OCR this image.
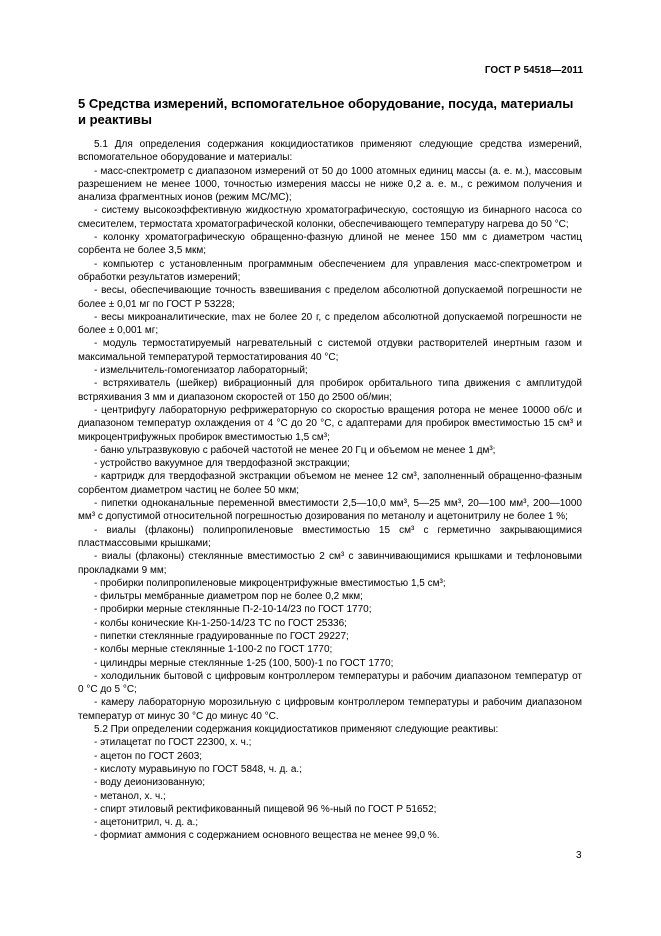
ГОСТ Р 54518—2011
5 Средства измерений, вспомогательное оборудование, посуда, материалы и реактивы

5.1 Для определения содержания кокцидиостатиков применяют следующие средства измерений, вспомогательное оборудование и материалы:

- масс-спектрометр с диапазоном измерений от 50 до 1000 атомных единиц массы (а. е. м.), массовым разрешением не менее 1000, точностью измерения массы не ниже 0,2 а. е. м., с режимом получения и анализа фрагментных ионов (режим МС/МС);

- систему высокоэффективную жидкостную хроматографическую, состоящую из бинарного насоса со смесителем, термостата хроматографической колонки, обеспечивающего температуру нагрева до 50 °С;

- колонку хроматографическую обращенно-фазную длиной не менее 150 мм с диаметром частиц сорбента не более 3,5 мкм;

- компьютер с установленным программным обеспечением для управления масс-спектрометром и обработки результатов измерений;

- весы, обеспечивающие точность взвешивания с пределом абсолютной допускаемой погрешности не более ± 0,01 мг по ГОСТ Р 53228;

- весы микроаналитические, max не более 20 г, с пределом абсолютной допускаемой погрешности не более ± 0,001 мг;

- модуль термостатируемый нагревательный с системой отдувки растворителей инертным газом и максимальной температурой термостатирования 40 °С;

- измельчитель-гомогенизатор лабораторный;

- встряхиватель (шейкер) вибрационный для пробирок орбитального типа движения с амплитудой встряхивания 3 мм и диапазоном скоростей от 150 до 2500 об/мин;

- центрифугу лабораторную рефрижераторную со скоростью вращения ротора не менее 10000 об/с и диапазоном температур охлаждения от 4 °С до 20 °С, с адаптерами для пробирок вместимостью 15 см³ и микроцентрифужных пробирок вместимостью 1,5 см³;

- баню ультразвуковую с рабочей частотой не менее 20 Гц и объемом не менее 1 дм³;

- устройство вакуумное для твердофазной экстракции;

- картридж для твердофазной экстракции объемом не менее 12 см³, заполненный обращенно-фазным сорбентом диаметром частиц не более 50 мкм;

- пипетки одноканальные переменной вместимости 2,5—10,0 мм³, 5—25 мм³, 20—100 мм³, 200—1000 мм³ с допустимой относительной погрешностью дозирования по метанолу и ацетонитрилу не более 1 %;

- виалы (флаконы) полипропиленовые вместимостью 15 см³ с герметично закрывающимися пластмассовыми крышками;

- виалы (флаконы) стеклянные вместимостью 2 см³ с завинчивающимися крышками и тефлоновыми прокладками 9 мм;

- пробирки полипропиленовые микроцентрифужные вместимостью 1,5 см³;

- фильтры мембранные диаметром пор не более 0,2 мкм;

- пробирки мерные стеклянные П-2-10-14/23 по ГОСТ 1770;

- колбы конические Кн-1-250-14/23 ТС по ГОСТ 25336;

- пипетки стеклянные градуированные по ГОСТ 29227;

- колбы мерные стеклянные 1-100-2 по ГОСТ 1770;

- цилиндры мерные стеклянные 1-25 (100, 500)-1 по ГОСТ 1770;

- холодильник бытовой с цифровым контроллером температуры и рабочим диапазоном температур от 0 °С до 5 °С;

- камеру лабораторную морозильную с цифровым контроллером температуры и рабочим диапазоном температур от минус 30 °С до минус 40 °С.

5.2 При определении содержания кокцидиостатиков применяют следующие реактивы:

- этилацетат по ГОСТ 22300, х. ч.;

- ацетон по ГОСТ 2603;

- кислоту муравьиную по ГОСТ 5848, ч. д. а.;

- воду деионизованную;

- метанол, х. ч.;

- спирт этиловый ректификованный пищевой 96 %-ный по ГОСТ Р 51652;

- ацетонитрил, ч. д. а.;

- формиат аммония с содержанием основного вещества не менее 99,0 %.

3
